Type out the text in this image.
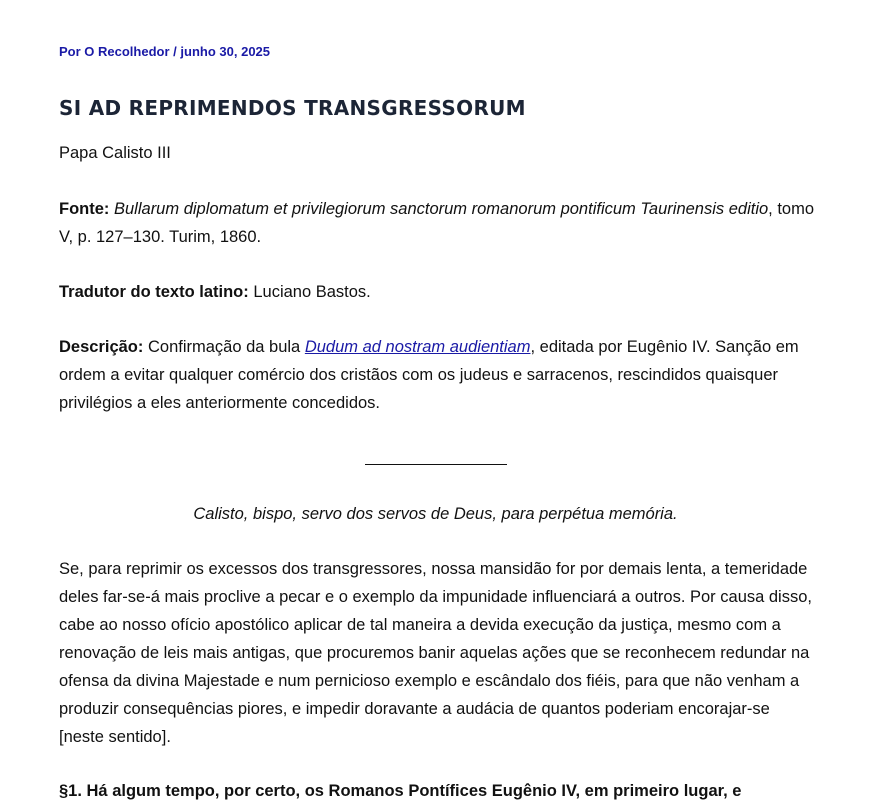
Por O Recolhedor / junho 30, 2025
SI AD REPRIMENDOS TRANSGRESSORUM

Papa Calisto III

Fonte: Bullarum diplomatum et privilegiorum sanctorum romanorum pontificum Taurinensis editio, tomo V, p. 127–130. Turim, 1860.

Tradutor do texto latino: Luciano Bastos.

Descrição: Confirmação da bula Dudum ad nostram audientiam, editada por Eugênio IV. Sanção em ordem a evitar qualquer comércio dos cristãos com os judeus e sarracenos, rescindidos quaisquer privilégios a eles anteriormente concedidos.

Calisto, bispo, servo dos servos de Deus, para perpétua memória.

Se, para reprimir os excessos dos transgressores, nossa mansidão for por demais lenta, a temeridade deles far-se-á mais proclive a pecar e o exemplo da impunidade influenciará a outros. Por causa disso, cabe ao nosso ofício apostólico aplicar de tal maneira a devida execução da justiça, mesmo com a renovação de leis mais antigas, que procuremos banir aquelas ações que se reconhecem redundar na ofensa da divina Majestade e num pernicioso exemplo e escândalo dos fiéis, para que não venham a produzir consequências piores, e impedir doravante a audácia de quantos poderiam encorajar-se [neste sentido].

§1. Há algum tempo, por certo, os Romanos Pontífices Eugênio IV, em primeiro lugar, e
